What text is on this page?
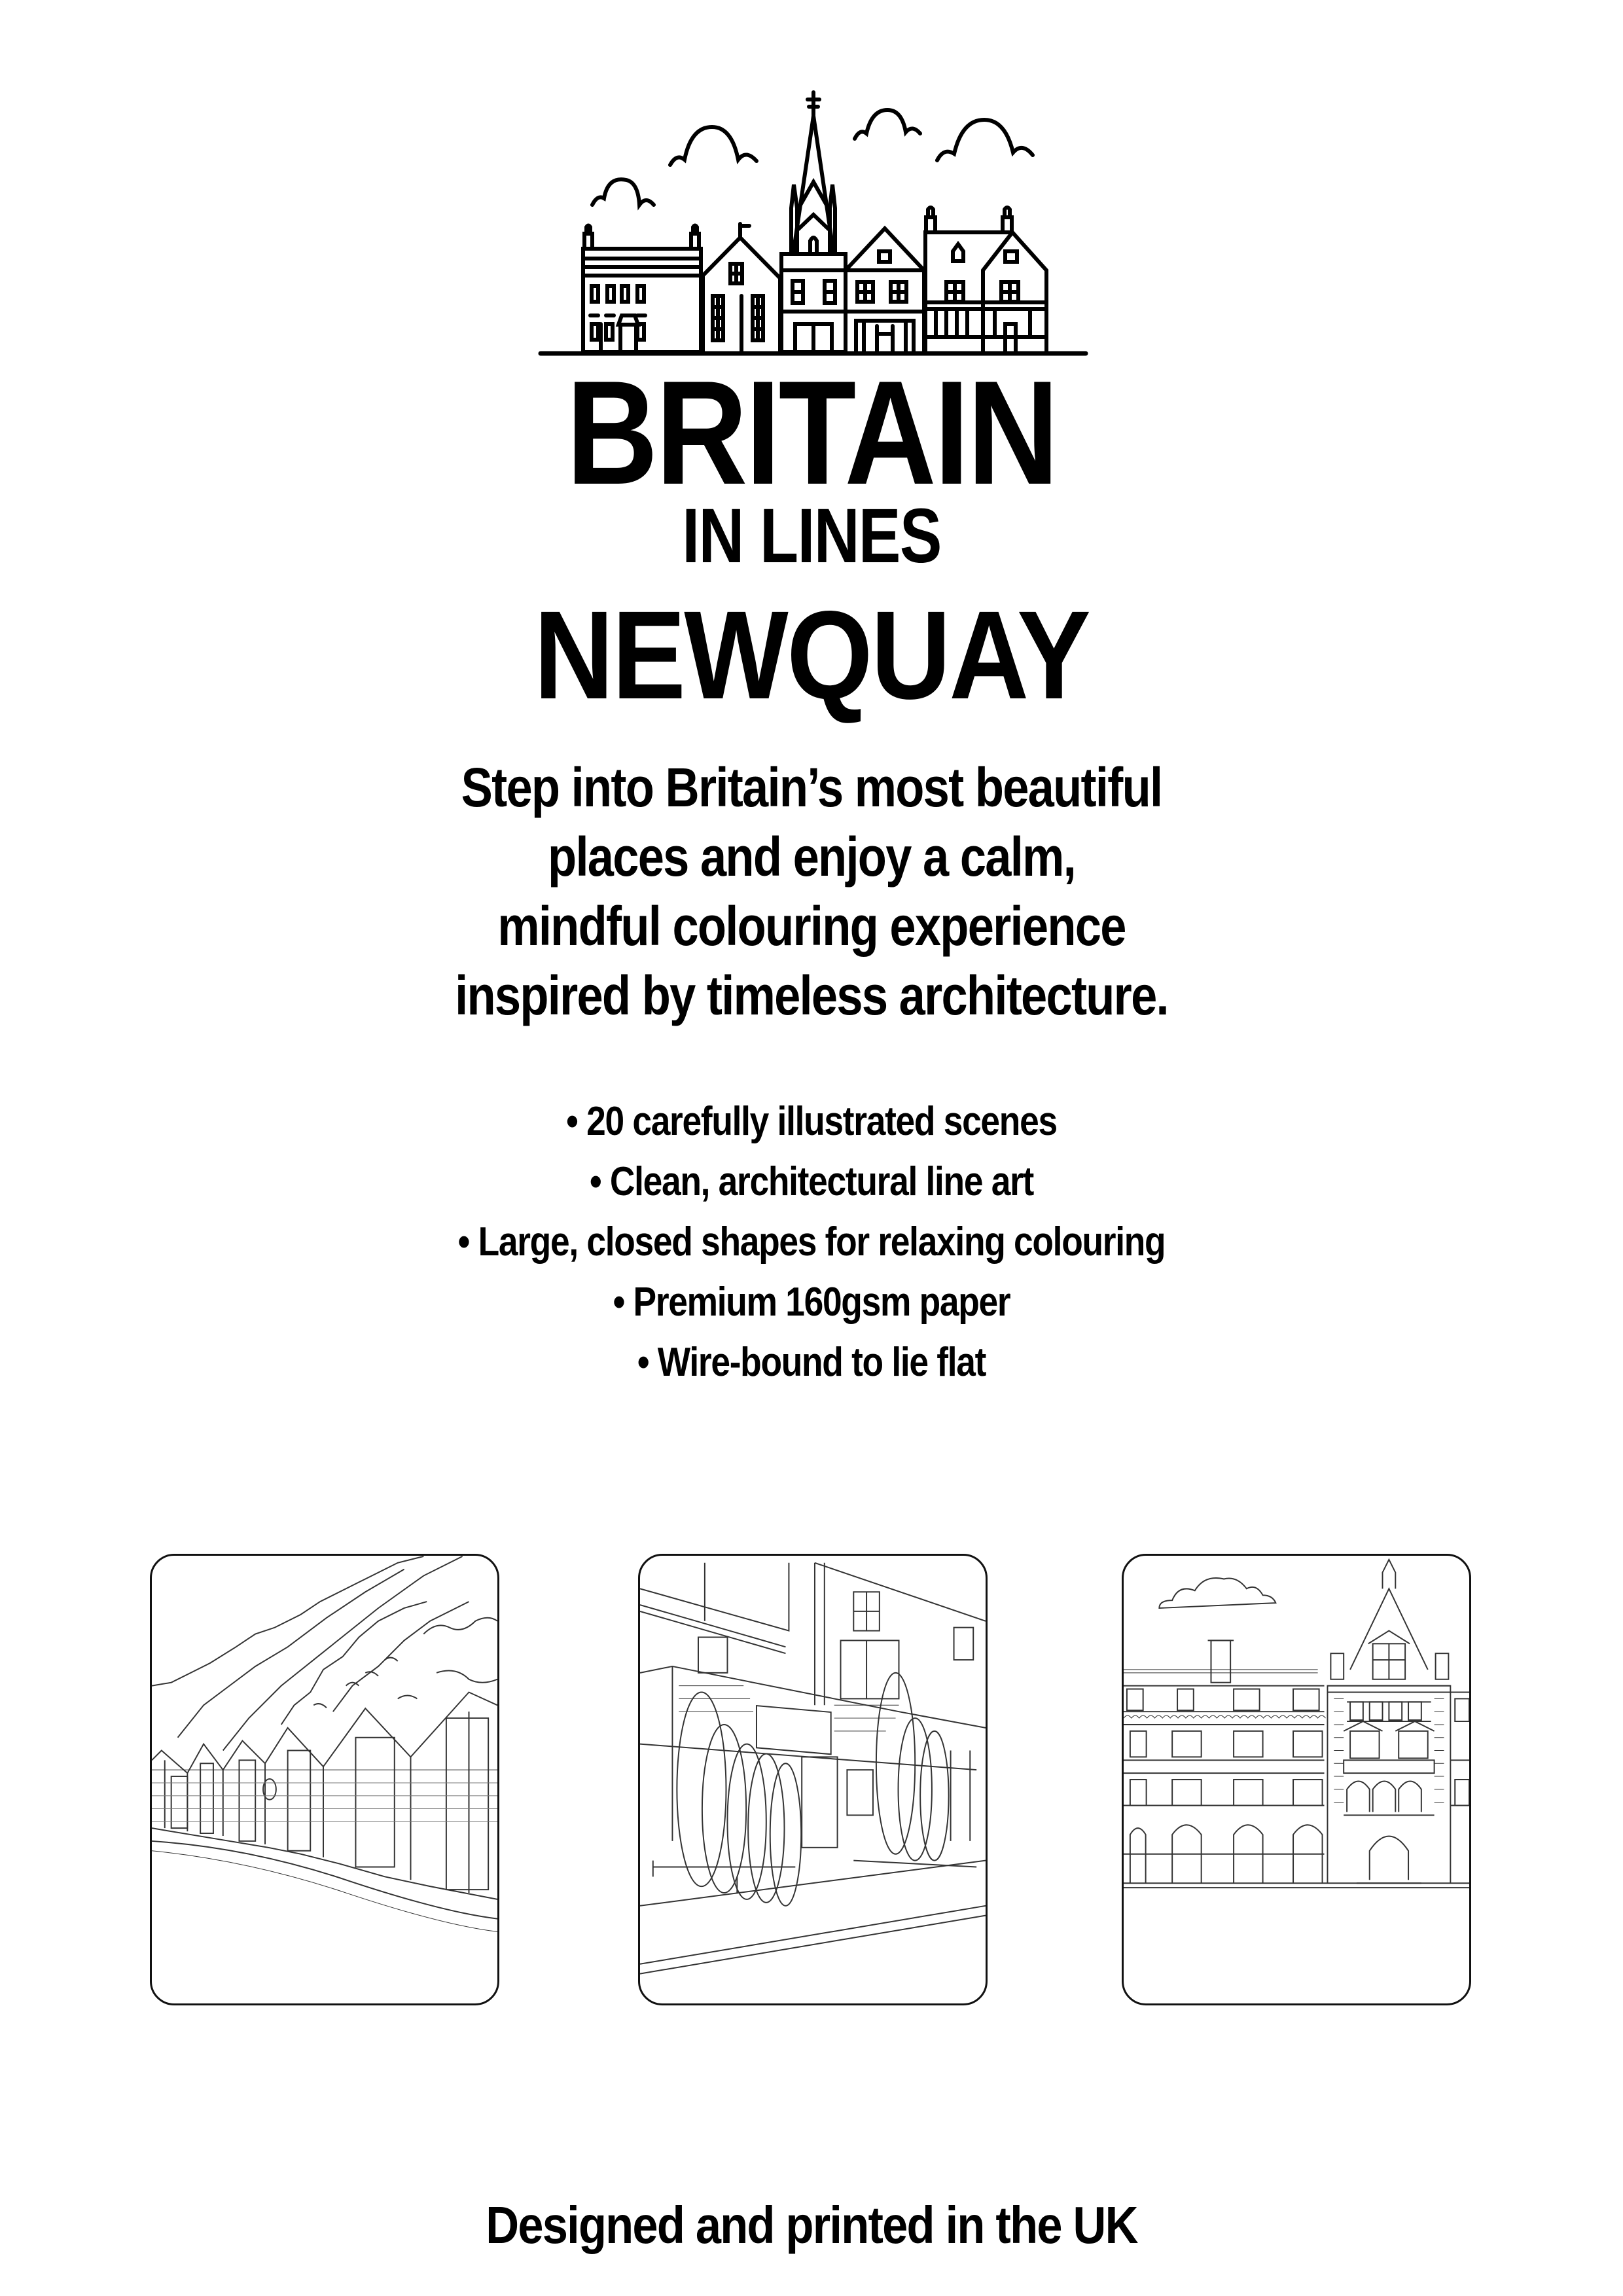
BRITAIN
IN LINES
NEWQUAY
Step into Britain’s most beautiful
places and enjoy a calm,
mindful colouring experience
inspired by timeless architecture.
• 20 carefully illustrated scenes
• Clean, architectural line art
• Large, closed shapes for relaxing colouring
• Premium 160gsm paper
• Wire-bound to lie flat
Designed and printed in the UK
